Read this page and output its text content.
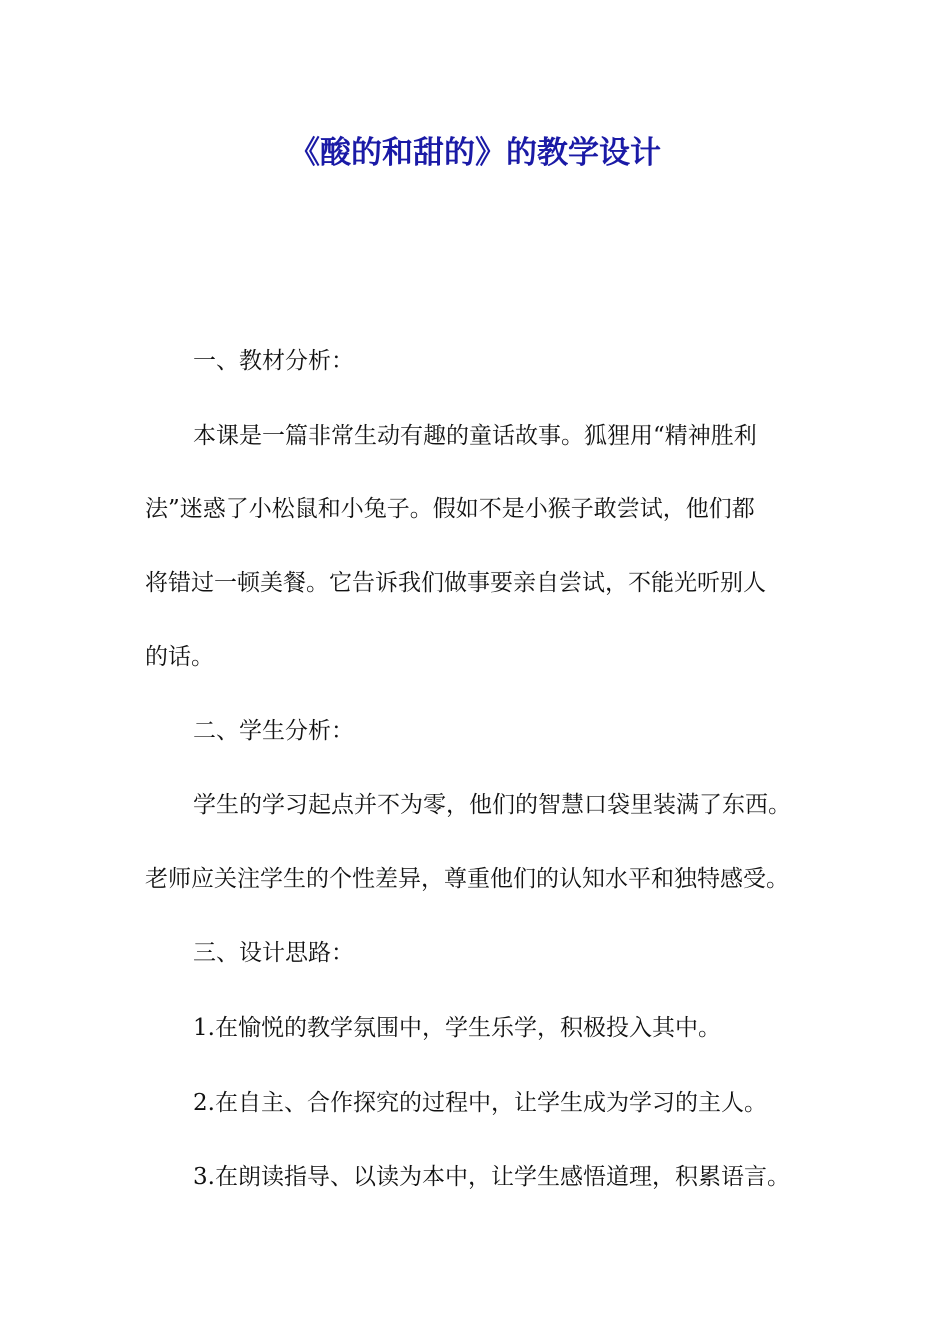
《酸的和甜的》的教学设计

一、教材分析：

本课是一篇非常生动有趣的童话故事。狐狸用“精神胜利

法”迷惑了小松鼠和小兔子。假如不是小猴子敢尝试，他们都

将错过一顿美餐。它告诉我们做事要亲自尝试，不能光听别人

的话。

二、学生分析：

学生的学习起点并不为零，他们的智慧口袋里装满了东西。

老师应关注学生的个性差异，尊重他们的认知水平和独特感受。

三、设计思路：

1.在愉悦的教学氛围中，学生乐学，积极投入其中。

2.在自主、合作探究的过程中，让学生成为学习的主人。

3.在朗读指导、以读为本中，让学生感悟道理，积累语言。
